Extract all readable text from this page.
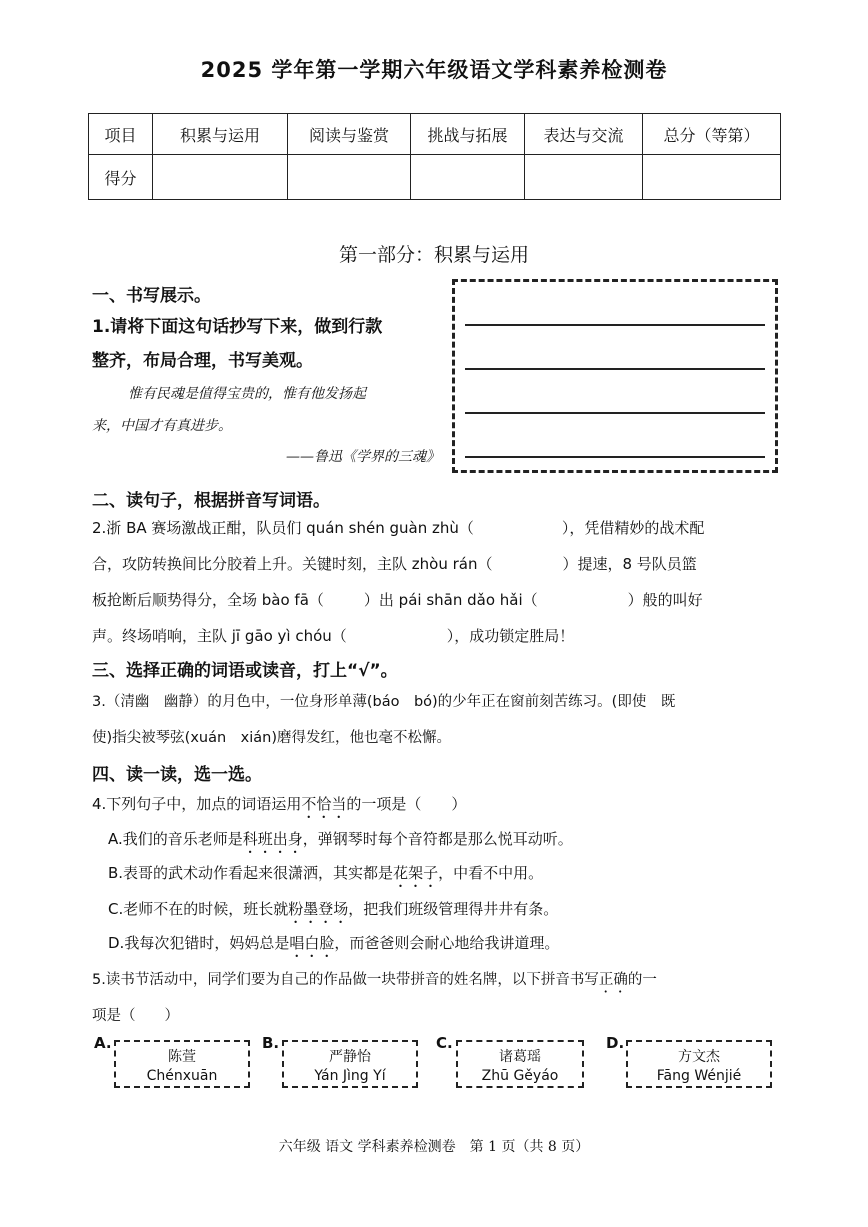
2025 学年第一学期六年级语文学科素养检测卷
项目	积累与运用	阅读与鉴赏	挑战与拓展	表达与交流	总分（等第）
得分					
第一部分：积累与运用
一、书写展示。
1.请将下面这句话抄写下来，做到行款
整齐，布局合理，书写美观。
惟有民魂是值得宝贵的，惟有他发扬起
来，中国才有真进步。
——鲁迅《学界的三魂》
二、读句子，根据拼音写词语。
2.浙 BA 赛场激战正酣，队员们 quán shén guàn zhù（	），凭借精妙的战术配
合，攻防转换间比分胶着上升。关键时刻，主队 zhòu rán（	）提速，8 号队员篮
板抢断后顺势得分，全场 bào fā（	）出 pái shān dǎo hǎi（	）般的叫好
声。终场哨响，主队 jī gāo yì chóu（	），成功锁定胜局！
三、选择正确的词语或读音，打上“√”。
3.（清幽　幽静）的月色中，一位身形单薄(báo　bó)的少年正在窗前刻苦练习。(即使　既
使)指尖被琴弦(xuán　xián)磨得发红，他也毫不松懈。
四、读一读，选一选。
4.下列句子中，加点的词语运用不恰当的一项是（　　）
A.我们的音乐老师是科班出身，弹钢琴时每个音符都是那么悦耳动听。
B.表哥的武术动作看起来很潇洒，其实都是花架子，中看不中用。
C.老师不在的时候，班长就粉墨登场，把我们班级管理得井井有条。
D.我每次犯错时，妈妈总是唱白脸，而爸爸则会耐心地给我讲道理。
5.读书节活动中，同学们要为自己的作品做一块带拼音的姓名牌，以下拼音书写正确的一
项是（　　）
A.
陈萱
Chénxuān
B.
严静怡
Yán Jìng Yí
C.
诸葛瑶
Zhū Gěyáo
D.
方文杰
Fāng Wénjié
六年级 语文 学科素养检测卷　第 1 页（共 8 页）
